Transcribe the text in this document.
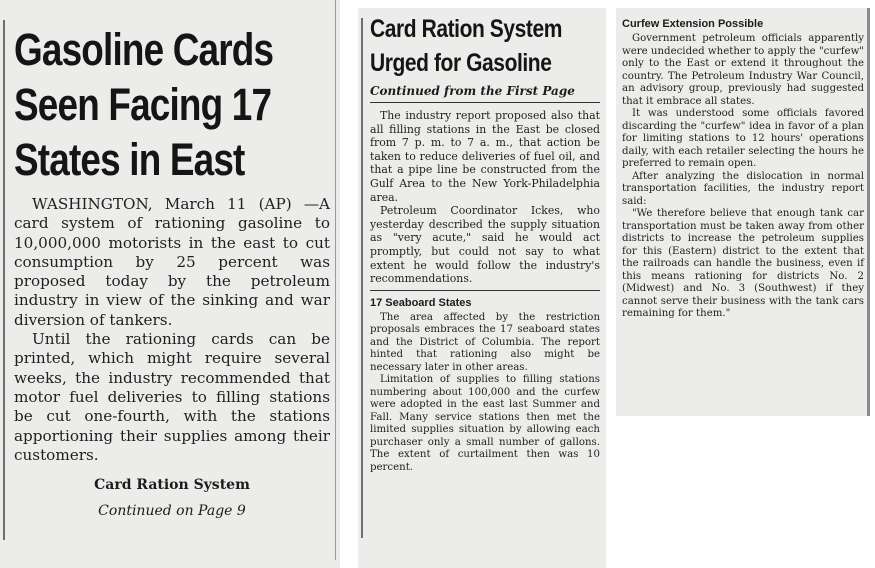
Gasoline Cards Seen Facing 17 States in East

WASHINGTON, March 11 (AP) —A card system of rationing gasoline to 10,000,000 motorists in the east to cut consumption by 25 percent was proposed today by the petroleum industry in view of the sinking and war diversion of tankers.

Until the rationing cards can be printed, which might require several weeks, the industry recommended that motor fuel deliveries to filling stations be cut one-fourth, with the stations apportioning their supplies among their customers.

Card Ration System
Continued on Page 9
Card Ration System Urged for Gasoline
Continued from the First Page

The industry report proposed also that all filling stations in the East be closed from 7 p. m. to 7 a. m., that action be taken to reduce deliveries of fuel oil, and that a pipe line be constructed from the Gulf Area to the New York-Philadelphia area.

Petroleum Coordinator Ickes, who yesterday described the supply situation as "very acute," said he would act promptly, but could not say to what extent he would follow the industry's recommendations.

17 Seaboard States

The area affected by the restriction proposals embraces the 17 seaboard states and the District of Columbia. The report hinted that rationing also might be necessary later in other areas.

Limitation of supplies to filling stations numbering about 100,000 and the curfew were adopted in the east last Summer and Fall. Many service stations then met the limited supplies situation by allowing each purchaser only a small number of gallons. The extent of curtailment then was 10 percent.

Curfew Extension Possible

Government petroleum officials apparently were undecided whether to apply the "curfew" only to the East or extend it throughout the country. The Petroleum Industry War Council, an advisory group, previously had suggested that it embrace all states.

It was understood some officials favored discarding the "curfew" idea in favor of a plan for limiting stations to 12 hours' operations daily, with each retailer selecting the hours he preferred to remain open.

After analyzing the dislocation in normal transportation facilities, the industry report said:

"We therefore believe that enough tank car transportation must be taken away from other districts to increase the petroleum supplies for this (Eastern) district to the extent that the railroads can handle the business, even if this means rationing for districts No. 2 (Midwest) and No. 3 (Southwest) if they cannot serve their business with the tank cars remaining for them."
